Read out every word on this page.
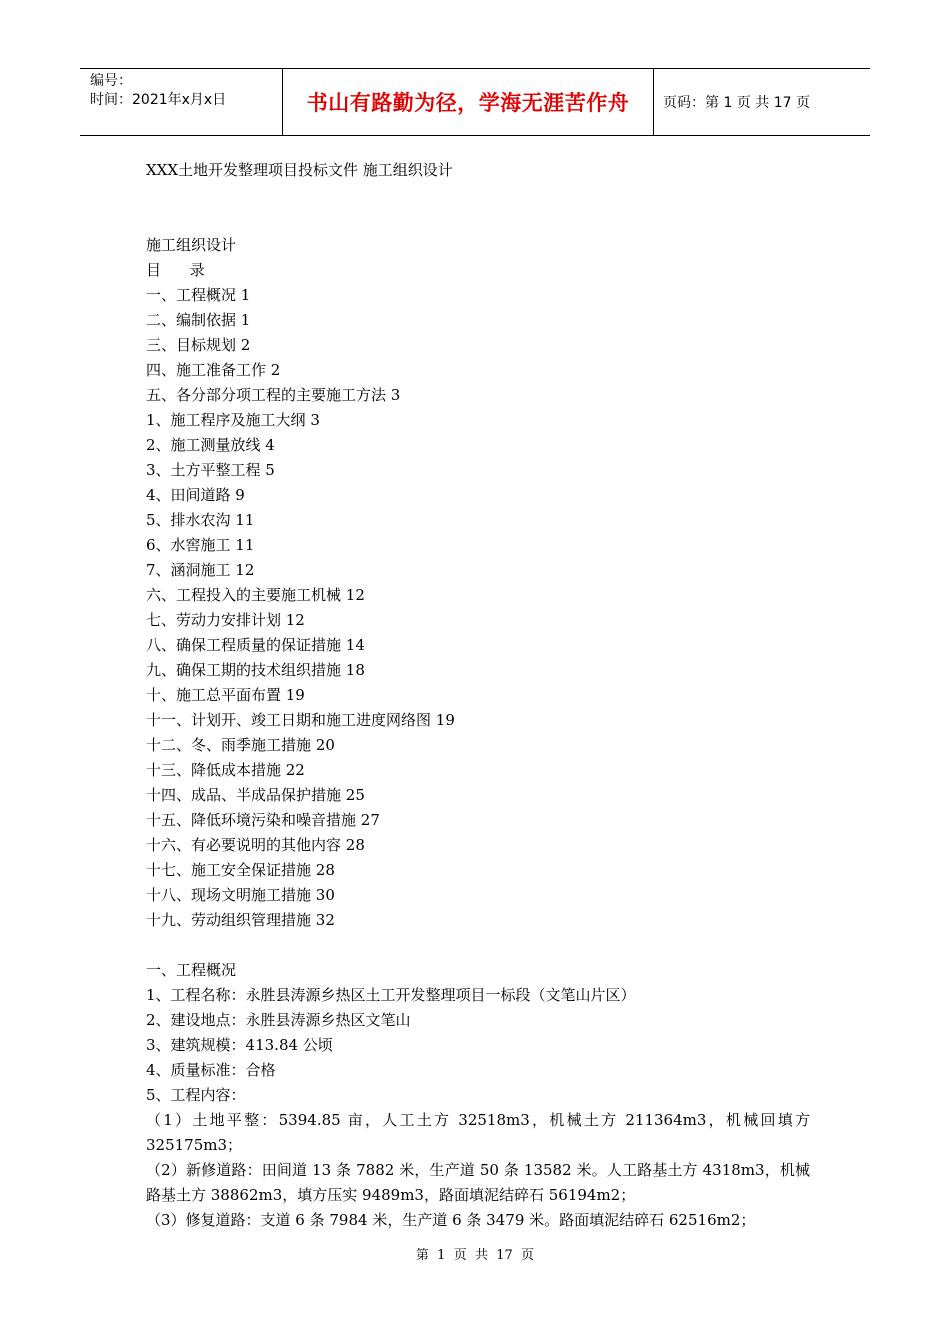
编号：
时间：2021年x月x日	书山有路勤为径，学海无涯苦作舟 页码：第 1 页 共 17 页
XXX土地开发整理项目投标文件 施工组织设计
施工组织设计
目      录
一、工程概况 1
二、编制依据 1
三、目标规划 2
四、施工准备工作 2
五、各分部分项工程的主要施工方法 3
1、施工程序及施工大纲 3
2、施工测量放线 4
3、土方平整工程 5
4、田间道路 9
5、排水农沟 11
6、水窖施工 11
7、涵洞施工 12
六、工程投入的主要施工机械 12
七、劳动力安排计划 12
八、确保工程质量的保证措施 14
九、确保工期的技术组织措施 18
十、施工总平面布置 19
十一、计划开、竣工日期和施工进度网络图 19
十二、冬、雨季施工措施 20
十三、降低成本措施 22
十四、成品、半成品保护措施 25
十五、降低环境污染和噪音措施 27
十六、有必要说明的其他内容 28
十七、施工安全保证措施 28
十八、现场文明施工措施 30
十九、劳动组织管理措施 32
一、工程概况
1、工程名称：永胜县涛源乡热区土工开发整理项目一标段（文笔山片区）
2、建设地点：永胜县涛源乡热区文笔山
3、建筑规模：413.84 公顷
4、质量标准：合格
5、工程内容：
（1）土地平整：5394.85 亩，人工土方 32518m3，机械土方 211364m3，机械回填方 325175m3；
（2）新修道路：田间道 13 条 7882 米，生产道 50 条 13582 米。人工路基土方 4318m3，机械路基土方 38862m3，填方压实 9489m3，路面填泥结碎石 56194m2；
（3）修复道路：支道 6 条 7984 米，生产道 6 条 3479 米。路面填泥结碎石 62516m2；
第  1  页  共  17  页
